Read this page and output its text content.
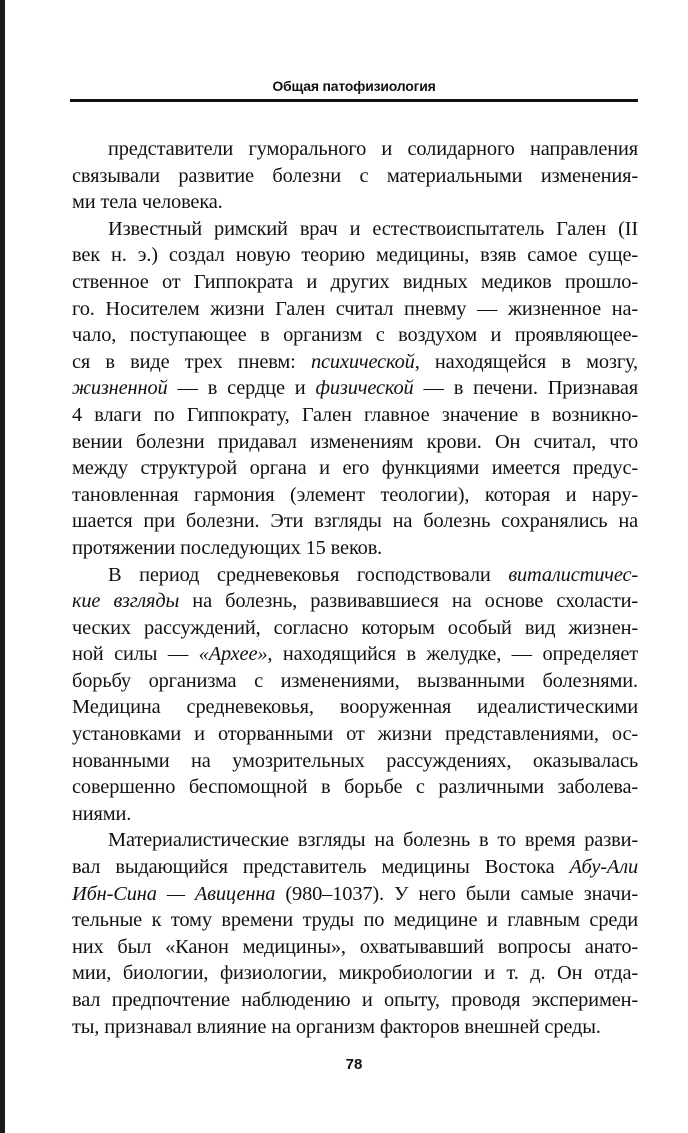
Общая патофизиология
представители гуморального и солидарного направления
связывали развитие болезни с материальными изменения-
ми тела человека.
Известный римский врач и естествоиспытатель Гален (II
век н. э.) создал новую теорию медицины, взяв самое суще-
ственное от Гиппократа и других видных медиков прошло-
го. Носителем жизни Гален считал пневму — жизненное на-
чало, поступающее в организм с воздухом и проявляющее-
ся в виде трех пневм: психической, находящейся в мозгу,
жизненной — в сердце и физической — в печени. Признавая
4 влаги по Гиппократу, Гален главное значение в возникно-
вении болезни придавал изменениям крови. Он считал, что
между структурой органа и его функциями имеется предус-
тановленная гармония (элемент теологии), которая и нару-
шается при болезни. Эти взгляды на болезнь сохранялись на
протяжении последующих 15 веков.
В период средневековья господствовали виталистичес-
кие взгляды на болезнь, развивавшиеся на основе схоласти-
ческих рассуждений, согласно которым особый вид жизнен-
ной силы — «Архее», находящийся в желудке, — определяет
борьбу организма с изменениями, вызванными болезнями.
Медицина средневековья, вооруженная идеалистическими
установками и оторванными от жизни представлениями, ос-
нованными на умозрительных рассуждениях, оказывалась
совершенно беспомощной в борьбе с различными заболева-
ниями.
Материалистические взгляды на болезнь в то время разви-
вал выдающийся представитель медицины Востока Абу-Али
Ибн-Сина — Авиценна (980–1037). У него были самые значи-
тельные к тому времени труды по медицине и главным среди
них был «Канон медицины», охватывавший вопросы анато-
мии, биологии, физиологии, микробиологии и т. д. Он отда-
вал предпочтение наблюдению и опыту, проводя эксперимен-
ты, признавал влияние на организм факторов внешней среды.
78
